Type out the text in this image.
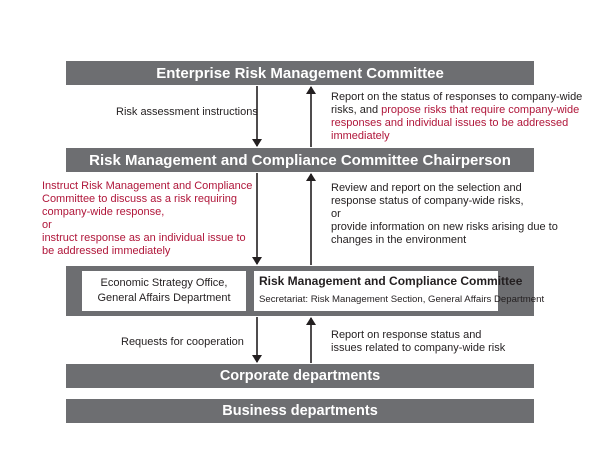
Enterprise Risk Management Committee
Risk assessment instructions
Report on the status of responses to company-wide
risks, and propose risks that require company-wide
responses and individual issues to be addressed
immediately
Risk Management and Compliance Committee Chairperson
Instruct Risk Management and Compliance
Committee to discuss as a risk requiring
company-wide response,
or
instruct response as an individual issue to
be addressed immediately
Review and report on the selection and
response status of company-wide risks,
or
provide information on new risks arising due to
changes in the environment
Economic Strategy Office,
General Affairs Department
Risk Management and Compliance Committee
Secretariat: Risk Management Section, General Affairs Department
Requests for cooperation
Report on response status and
issues related to company-wide risk
Corporate departments
Business departments
